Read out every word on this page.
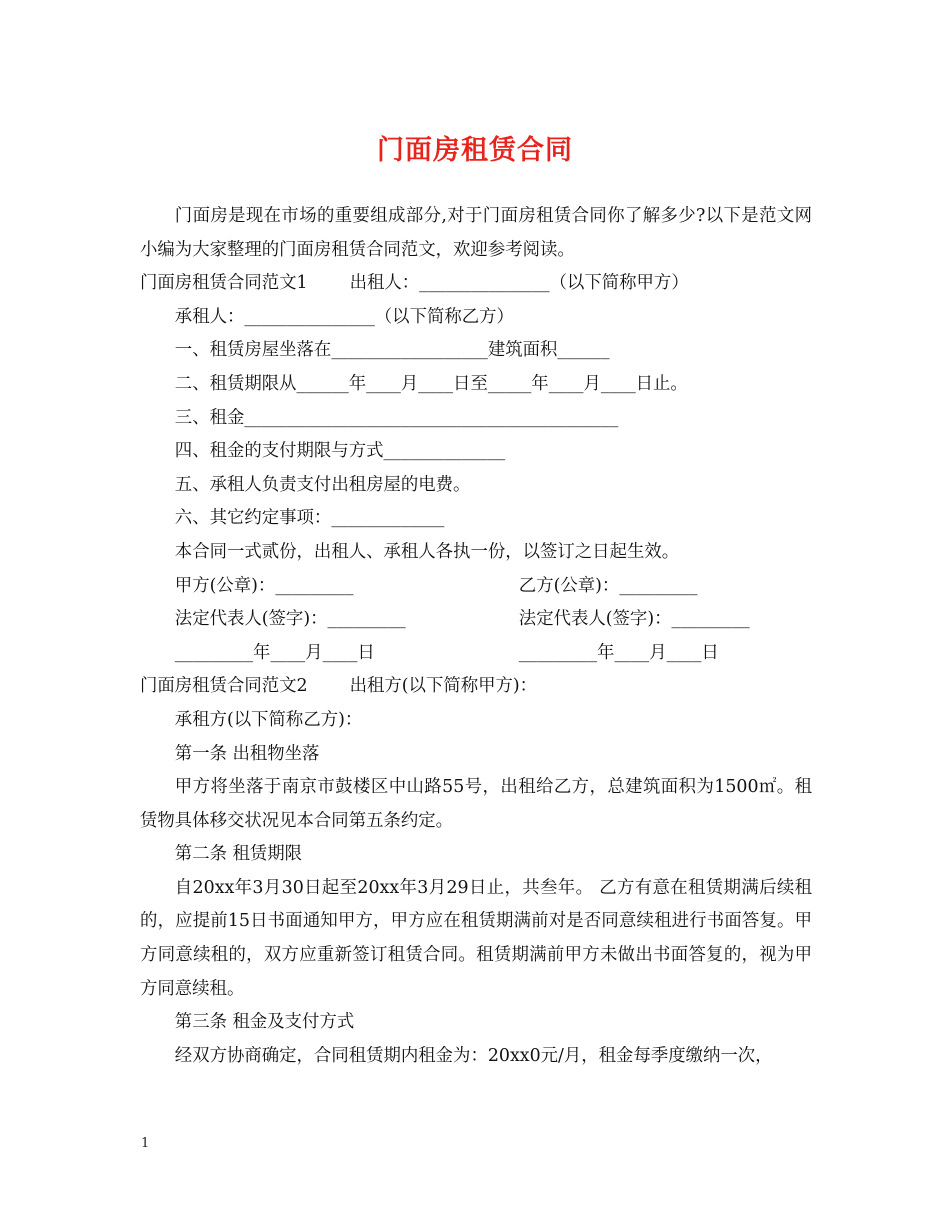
门面房租赁合同

门面房是现在市场的重要组成部分,对于门面房租赁合同你了解多少?以下是范文网小编为大家整理的门面房租赁合同范文，欢迎参考阅读。

门面房租赁合同范文1 出租人：_______________（以下简称甲方）

承租人：_______________（以下简称乙方）

一、租赁房屋坐落在__________________建筑面积______

二、租赁期限从______年____月____日至_____年____月____日止。

三、租金___________________________________________

四、租金的支付期限与方式______________

五、承租人负责支付出租房屋的电费。

六、其它约定事项：_____________

本合同一式贰份，出租人、承租人各执一份，以签订之日起生效。

甲方(公章)：_________	乙方(公章)：_________
法定代表人(签字)：_________	法定代表人(签字)：_________
_________年____月____日	_________年____月____日

门面房租赁合同范文2 出租方(以下简称甲方)：

承租方(以下简称乙方)：

第一条 出租物坐落

甲方将坐落于南京市鼓楼区中山路55号，出租给乙方，总建筑面积为1500㎡。租赁物具体移交状况见本合同第五条约定。

第二条 租赁期限

自20xx年3月30日起至20xx年3月29日止，共叁年。 乙方有意在租赁期满后续租的，应提前15日书面通知甲方，甲方应在租赁期满前对是否同意续租进行书面答复。甲方同意续租的，双方应重新签订租赁合同。租赁期满前甲方未做出书面答复的，视为甲方同意续租。

第三条 租金及支付方式

经双方协商确定，合同租赁期内租金为：20xx0元/月，租金每季度缴纳一次，

1
